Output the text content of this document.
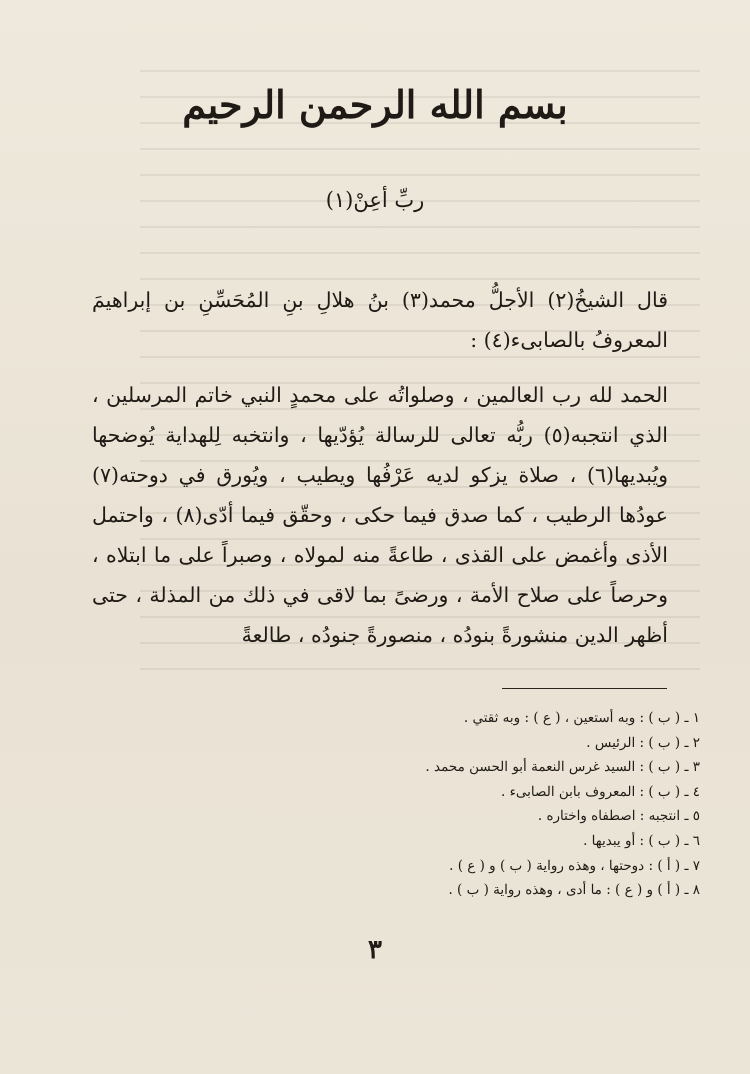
بسم الله الرحمن الرحيم
ربِّ أعِنْ(١)
قال الشيخُ(٢) الأجلُّ محمد(٣) بنُ هلالِ بنِ المُحَسِّنِ بن إبراهيمَ المعروفُ بالصابىء(٤) :
الحمد لله رب العالمين ، وصلواتُه على محمدٍ النبي خاتم المرسلين ، الذي انتجبه(٥) ربُّه تعالى للرسالة يُؤدّيها ، وانتخبه لِلهداية يُوضحها ويُبديها(٦) ، صلاة يزكو لديه عَرْفُها ويطيب ، ويُورق في دوحته(٧) عودُها الرطيب ، كما صدق فيما حكى ، وحقّق فيما أدّى(٨) ، واحتمل الأذى وأغمض على القذى ، طاعةً منه لمولاه ، وصبراً على ما ابتلاه ، وحرصاً على صلاح الأمة ، ورضىً بما لاقى في ذلك من المذلة ، حتى أظهر الدين منشورةً بنودُه ، منصورةً جنودُه ، طالعةً
١ ـ ( ب ) : وبه أستعين ، ( ع ) : وبه ثقتي .
٢ ـ ( ب ) : الرئيس .
٣ ـ ( ب ) : السيد غرس النعمة أبو الحسن محمد .
٤ ـ ( ب ) : المعروف بابن الصابىء .
٥ ـ انتجبه : اصطفاه واختاره .
٦ ـ ( ب ) : أو يبديها .
٧ ـ ( أ ) : دوحتها ، وهذه رواية ( ب ) و ( ع ) .
٨ ـ ( أ ) و ( ع ) : ما أدى ، وهذه رواية ( ب ) .
٣
